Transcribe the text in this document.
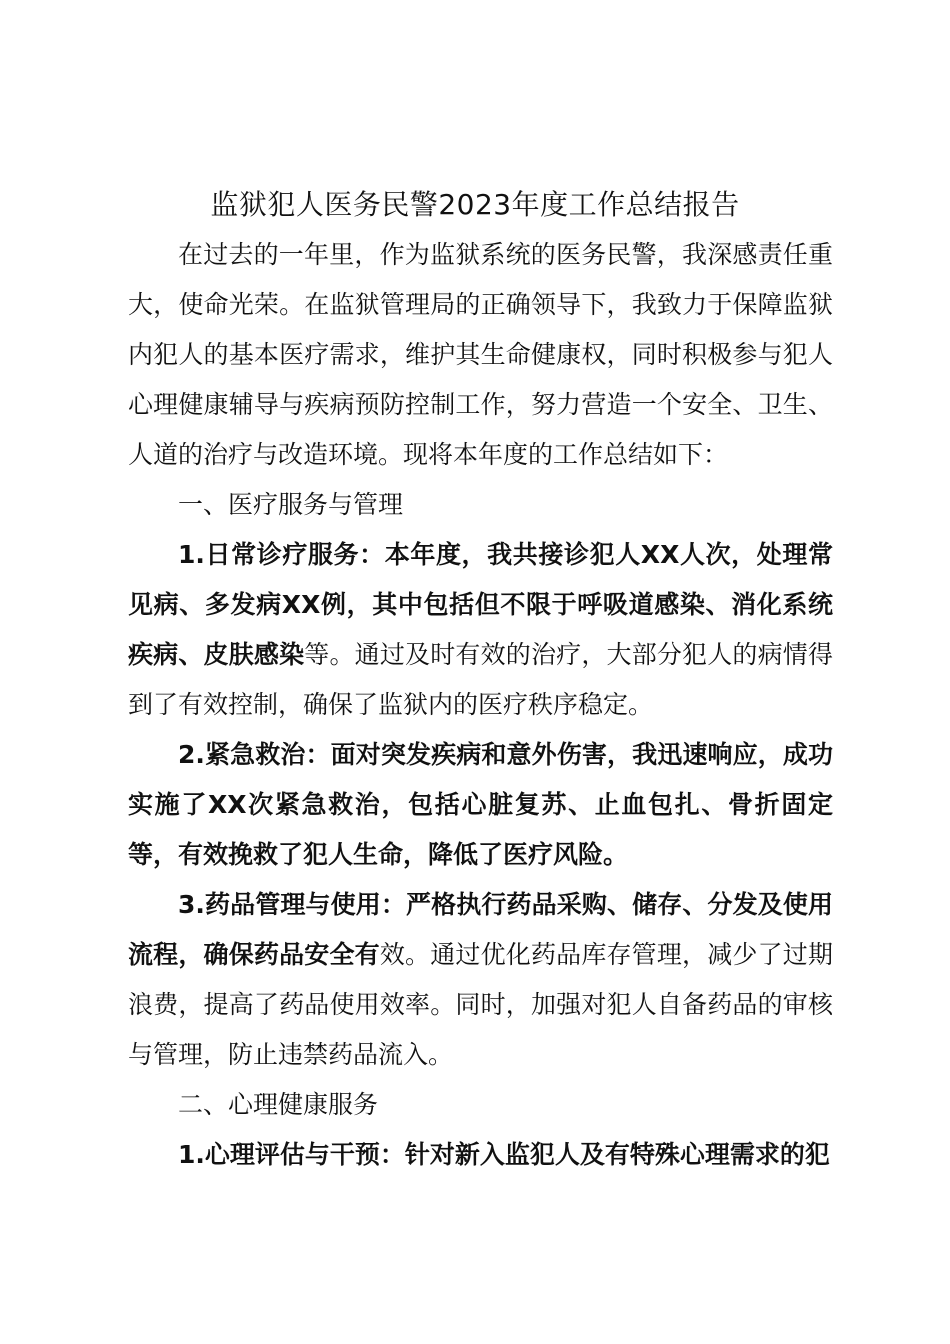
监狱犯人医务民警2023年度工作总结报告

在过去的一年里，作为监狱系统的医务民警，我深感责任重大，使命光荣。在监狱管理局的正确领导下，我致力于保障监狱内犯人的基本医疗需求，维护其生命健康权，同时积极参与犯人心理健康辅导与疾病预防控制工作，努力营造一个安全、卫生、人道的治疗与改造环境。现将本年度的工作总结如下：

一、医疗服务与管理

1.日常诊疗服务：本年度，我共接诊犯人XX人次，处理常见病、多发病XX例，其中包括但不限于呼吸道感染、消化系统疾病、皮肤感染等。通过及时有效的治疗，大部分犯人的病情得到了有效控制，确保了监狱内的医疗秩序稳定。

2.紧急救治：面对突发疾病和意外伤害，我迅速响应，成功实施了XX次紧急救治，包括心脏复苏、止血包扎、骨折固定等，有效挽救了犯人生命，降低了医疗风险。

3.药品管理与使用：严格执行药品采购、储存、分发及使用流程，确保药品安全有效。通过优化药品库存管理，减少了过期浪费，提高了药品使用效率。同时，加强对犯人自备药品的审核与管理，防止违禁药品流入。

二、心理健康服务

1.心理评估与干预：针对新入监犯人及有特殊心理需求的犯
